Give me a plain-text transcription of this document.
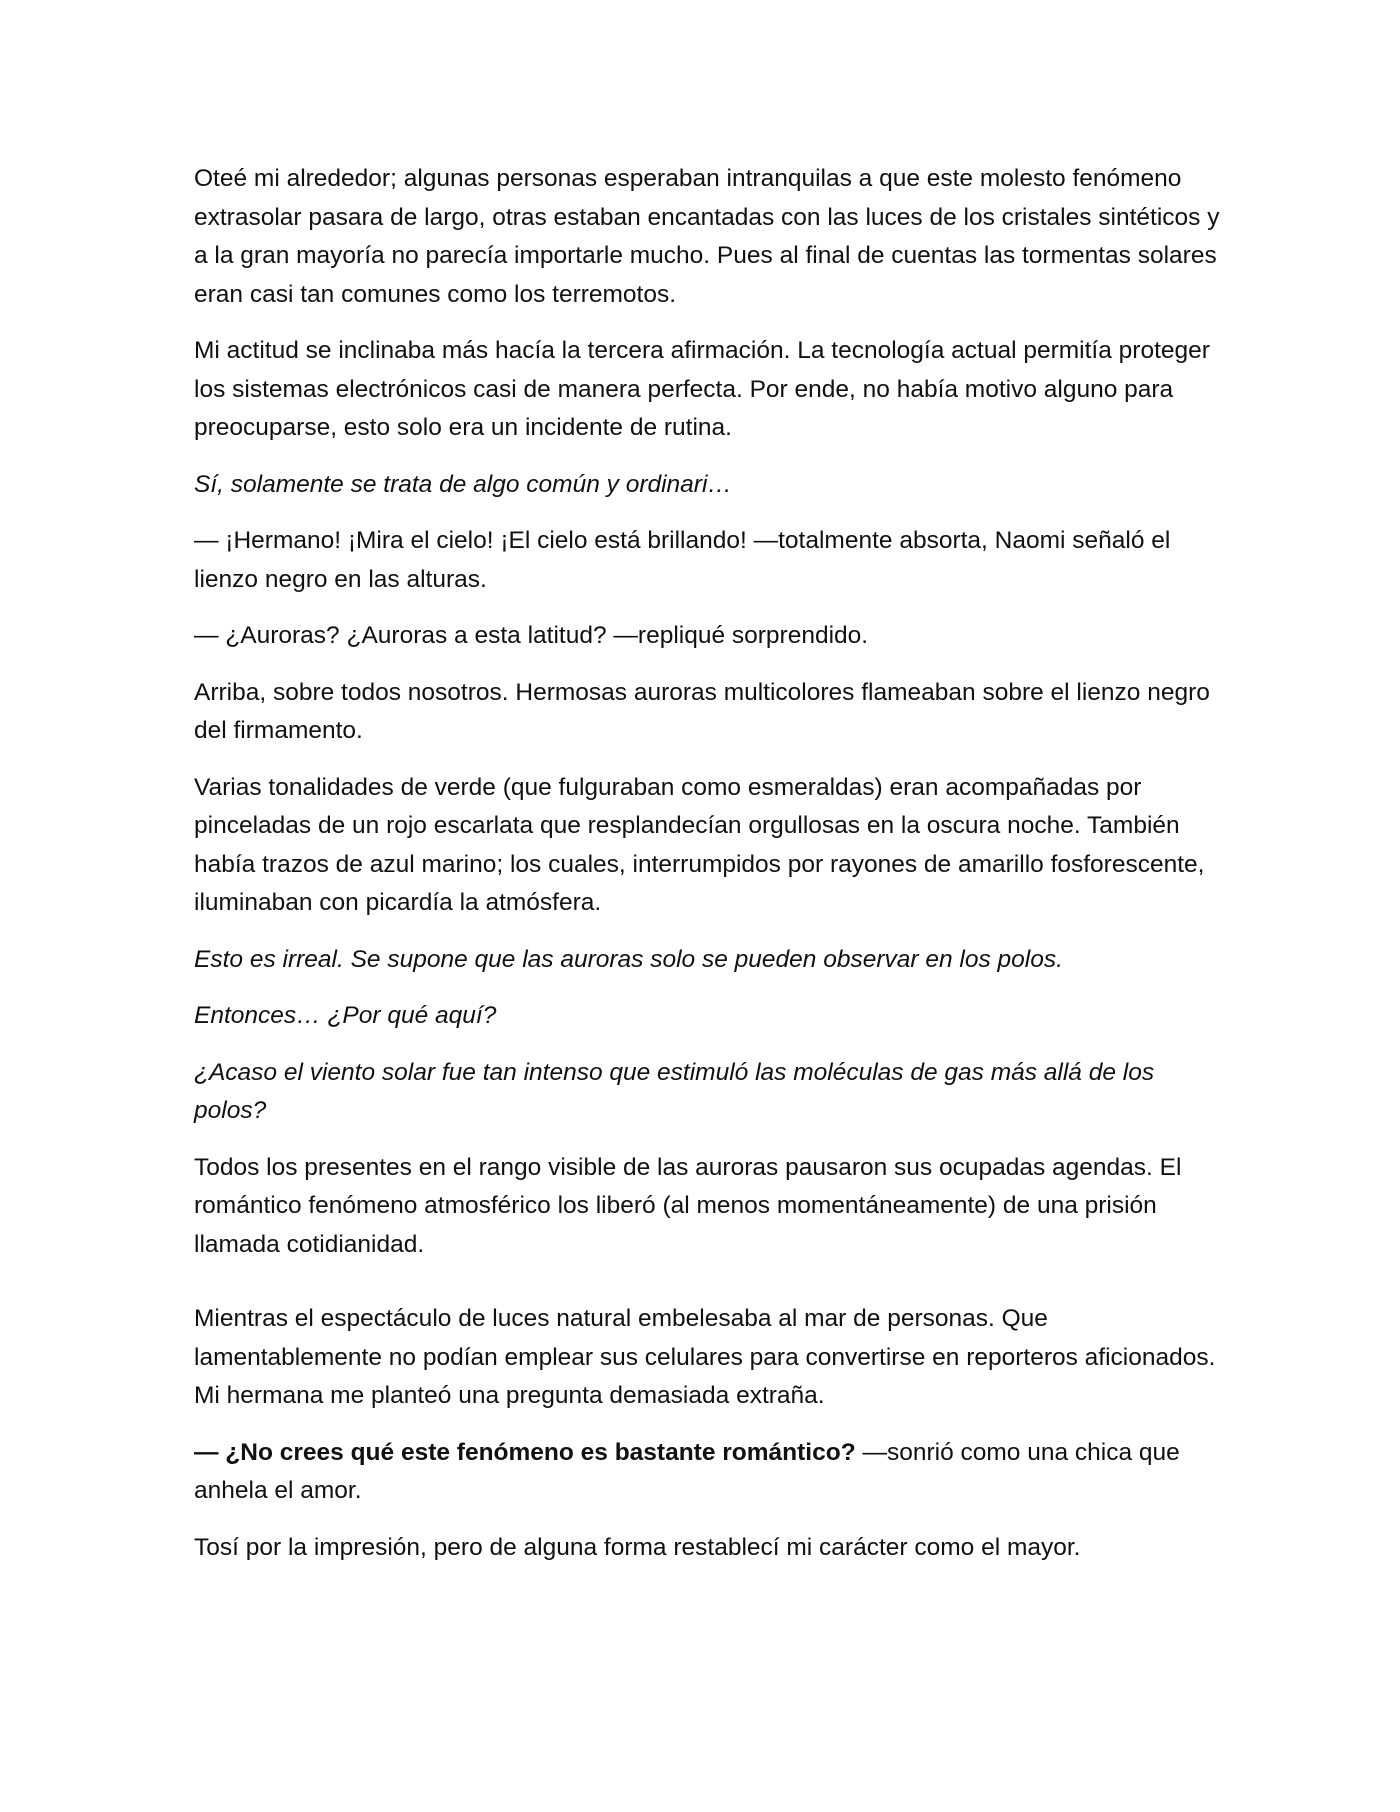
Oteé mi alrededor; algunas personas esperaban intranquilas a que este molesto fenómeno extrasolar pasara de largo, otras estaban encantadas con las luces de los cristales sintéticos y a la gran mayoría no parecía importarle mucho. Pues al final de cuentas las tormentas solares eran casi tan comunes como los terremotos.

Mi actitud se inclinaba más hacía la tercera afirmación. La tecnología actual permitía proteger los sistemas electrónicos casi de manera perfecta. Por ende, no había motivo alguno para preocuparse, esto solo era un incidente de rutina.

Sí, solamente se trata de algo común y ordinari…

— ¡Hermano! ¡Mira el cielo! ¡El cielo está brillando! —totalmente absorta, Naomi señaló el lienzo negro en las alturas.

— ¿Auroras? ¿Auroras a esta latitud? —repliqué sorprendido.

Arriba, sobre todos nosotros. Hermosas auroras multicolores flameaban sobre el lienzo negro del firmamento.

Varias tonalidades de verde (que fulguraban como esmeraldas) eran acompañadas por pinceladas de un rojo escarlata que resplandecían orgullosas en la oscura noche. También había trazos de azul marino; los cuales, interrumpidos por rayones de amarillo fosforescente, iluminaban con picardía la atmósfera.

Esto es irreal. Se supone que las auroras solo se pueden observar en los polos.

Entonces… ¿Por qué aquí?

¿Acaso el viento solar fue tan intenso que estimuló las moléculas de gas más allá de los polos?

Todos los presentes en el rango visible de las auroras pausaron sus ocupadas agendas. El romántico fenómeno atmosférico los liberó (al menos momentáneamente) de una prisión llamada cotidianidad.

Mientras el espectáculo de luces natural embelesaba al mar de personas. Que lamentablemente no podían emplear sus celulares para convertirse en reporteros aficionados. Mi hermana me planteó una pregunta demasiada extraña.

— ¿No crees qué este fenómeno es bastante romántico? —sonrió como una chica que anhela el amor.

Tosí por la impresión, pero de alguna forma restablecí mi carácter como el mayor.
